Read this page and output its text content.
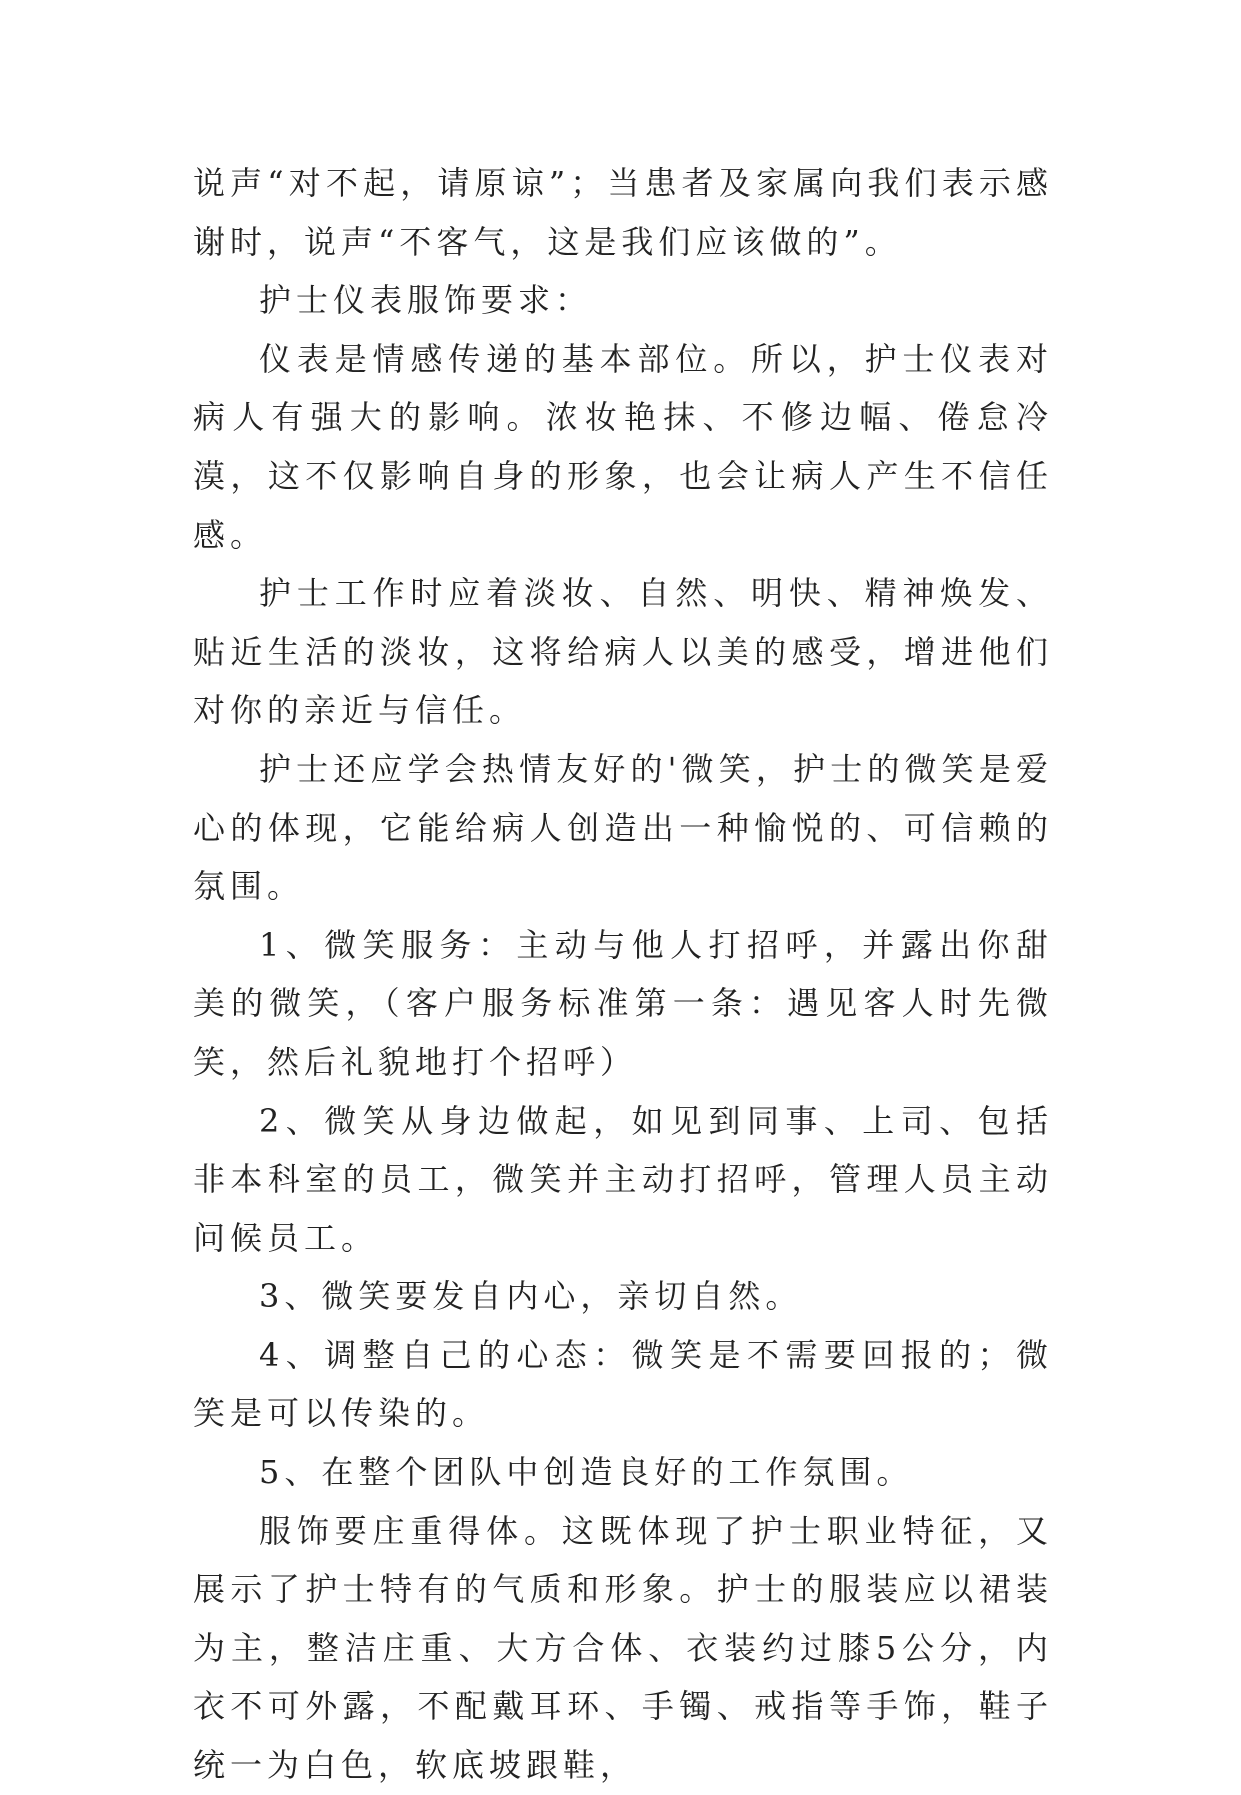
说声“对不起，请原谅”；当患者及家属向我们表示感谢时，说声“不客气，这是我们应该做的”。

护士仪表服饰要求：

仪表是情感传递的基本部位。所以，护士仪表对病人有强大的影响。浓妆艳抹、不修边幅、倦怠冷漠，这不仅影响自身的形象，也会让病人产生不信任感。

护士工作时应着淡妆、自然、明快、精神焕发、贴近生活的淡妆，这将给病人以美的感受，增进他们对你的亲近与信任。

护士还应学会热情友好的'微笑，护士的微笑是爱心的体现，它能给病人创造出一种愉悦的、可信赖的氛围。

1、微笑服务：主动与他人打招呼，并露出你甜美的微笑，（客户服务标准第一条：遇见客人时先微笑，然后礼貌地打个招呼）

2、微笑从身边做起，如见到同事、上司、包括非本科室的员工，微笑并主动打招呼，管理人员主动问候员工。

3、微笑要发自内心，亲切自然。

4、调整自己的心态：微笑是不需要回报的；微笑是可以传染的。

5、在整个团队中创造良好的工作氛围。

服饰要庄重得体。这既体现了护士职业特征，又展示了护士特有的气质和形象。护士的服装应以裙装为主，整洁庄重、大方合体、衣装约过膝5公分，内衣不可外露，不配戴耳环、手镯、戒指等手饰，鞋子统一为白色，软底坡跟鞋，
